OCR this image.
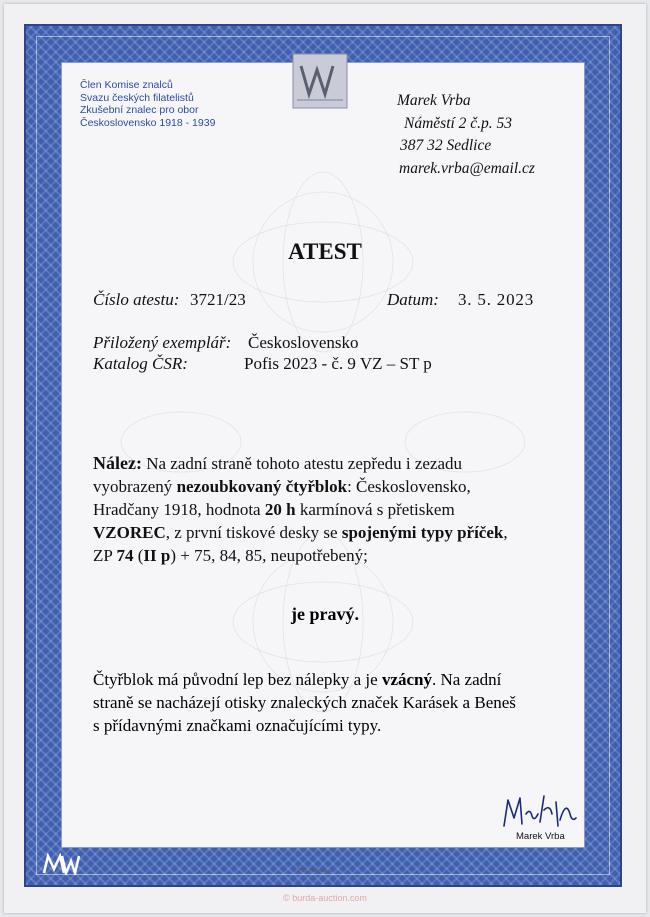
Člen Komise znalců
Svazu českých filatelistů
Zkušební znalec pro obor
Československo 1918 - 1939
Marek Vrba
Náměstí 2 č.p. 53
387 32 Sedlice
marek.vrba@email.cz
ATEST
Číslo atestu: 3721/23	Datum: 3. 5. 2023
Přiložený exemplář: Československo
Katalog ČSR:	Pofis 2023 - č. 9 VZ – ST p
Nález: Na zadní straně tohoto atestu zepředu i zezadu
vyobrazený nezoubkovaný čtyřblok: Československo,
Hradčany 1918, hodnota 20 h karmínová s přetiskem
VZOREC, z první tiskové desky se spojenými typy příček,
ZP 74 (II p) + 75, 84, 85, neupotřebený;
je pravý.
Čtyřblok má původní lep bez nálepky a je vzácný. Na zadní
straně se nacházejí otisky znaleckých značek Karásek a Beneš
s přídavnými značkami označujícími typy.
Marek Vrba
PTC Praha a.s.
© burda-auction.com
